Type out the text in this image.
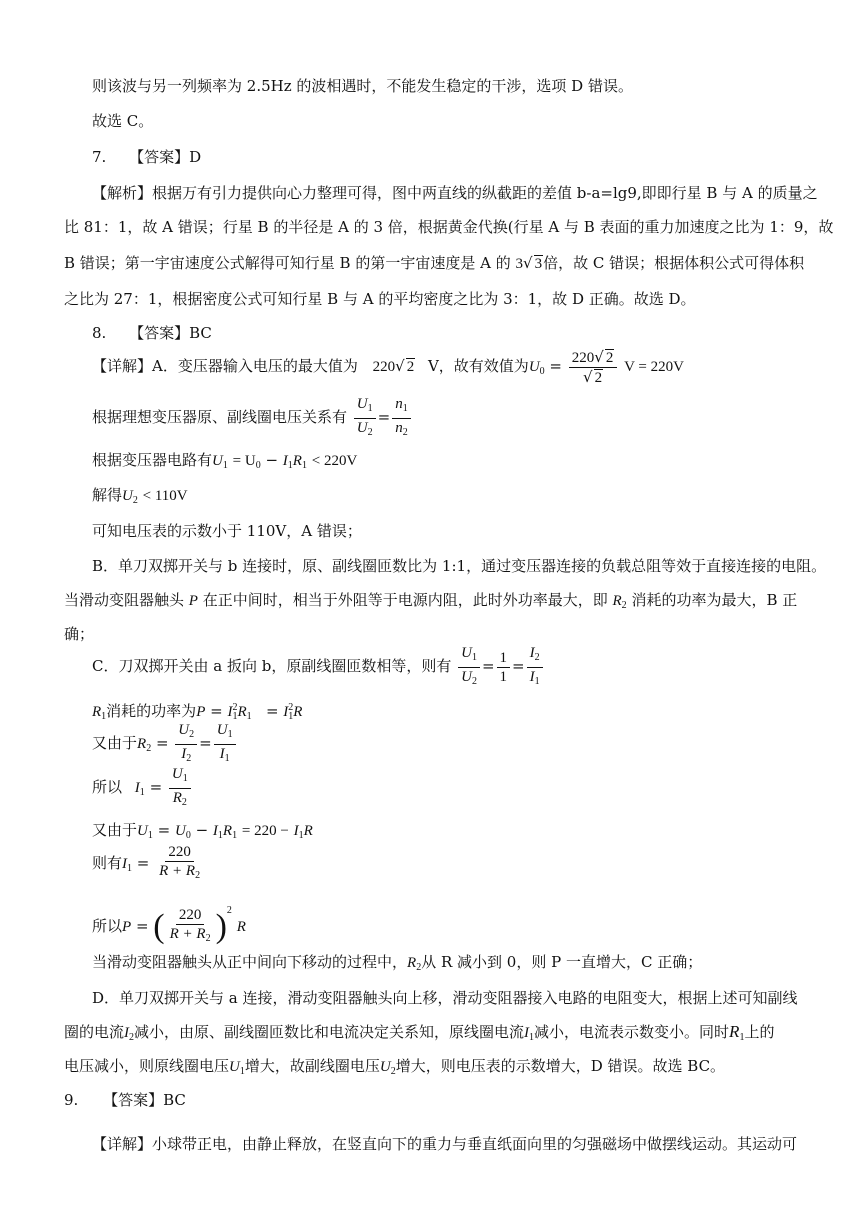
则该波与另一列频率为 2.5Hz 的波相遇时，不能发生稳定的干涉，选项 D 错误。
故选 C。
7. 【答案】D
【解析】根据万有引力提供向心力整理可得，图中两直线的纵截距的差值 b-a=lg9,即即行星 B 与 A 的质量之
比 81：1，故 A 错误；行星 B 的半径是 A 的 3 倍，根据黄金代换(行星 A 与 B 表面的重力加速度之比为 1：9，故
B 错误；第一宇宙速度公式解得可知行星 B 的第一宇宙速度是 A 的 3√ 3倍，故 C 错误；根据体积公式可得体积
之比为 27：1，根据密度公式可知行星 B 与 A 的平均密度之比为 3：1，故 D 正确。故选 D。
8. 【答案】BC
【详解】A．变压器输入电压的最大值为 220√ 2 V，故有效值为$U_0 = \frac{220√ 2}{√ 2}$ V = 220V
根据理想变压器原、副线圈电压关系有 $\frac{U_1}{U_2} = \frac{n_1}{n_2}$
根据变压器电路有$U_1 = U_0 - I_1R_1 < 220V$
解得$U_2 < 110V$
可知电压表的示数小于 110V，A 错误；
B．单刀双掷开关与 b 连接时，原、副线圈匝数比为 1:1，通过变压器连接的负载总阻等效于直接连接的电阻。
当滑动变阻器触头 P 在正中间时，相当于外阻等于电源内阻，此时外功率最大，即 $R_2$ 消耗的功率为最大，B 正
确；
C．刀双掷开关由 a 扳向 b，原副线圈匝数相等，则有 $\frac{U_1}{U_2} = \frac{1}{1} = \frac{I_2}{I_1}$
$R_1$消耗的功率为$P = I_1^2R_1 = I_1^2R$
又由于$R_2 = \frac{U_2}{I_2} = \frac{U_1}{I_1}$
所以 $I_1 = \frac{U_1}{R_2}$
又由于$U_1 = U_0 - I_1R_1 = 220 - I_1R$
则有$I_1 = \frac{220}{R + R_2}$
所以P = ( $\frac{220}{R + R_2} )^2$ R
当滑动变阻器触头从正中间向下移动的过程中，$R_2$从 R 减小到 0，则 P 一直增大，C 正确；
D．单刀双掷开关与 a 连接，滑动变阻器触头向上移，滑动变阻器接入电路的电阻变大，根据上述可知副线
圈的电流$I_2$减小，由原、副线圈匝数比和电流决定关系知，原线圈电流$I_1$减小，电流表示数变小。同时$R_1$上的
电压减小，则原线圈电压$U_1$增大，故副线圈电压$U_2$增大，则电压表的示数增大，D 错误。故选 BC。
9. 【答案】BC
【详解】小球带正电，由静止释放，在竖直向下的重力与垂直纸面向里的匀强磁场中做摆线运动。其运动可
